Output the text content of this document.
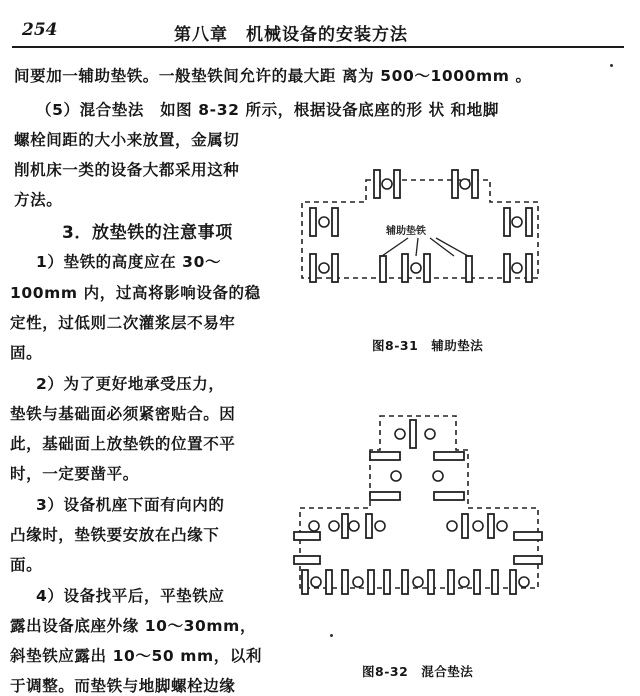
254	第八章　机械设备的安装方法
间要加一辅助垫铁。一般垫铁间允许的最大距 离为 500～1000mm 。
（5）混合垫法　如图 8-32 所示，根据设备底座的形 状 和地脚
螺栓间距的大小来放置，金属切
削机床一类的设备大都采用这种
方法。
3．放垫铁的注意事项
1）垫铁的高度应在 30～
100mm 内，过高将影响设备的稳
定性，过低则二次灌浆层不易牢
固。
2）为了更好地承受压力，
垫铁与基础面必须紧密贴合。因
此，基础面上放垫铁的位置不平
时，一定要凿平。
3）设备机座下面有向内的
凸缘时，垫铁要安放在凸缘下
面。
4）设备找平后，平垫铁应
露出设备底座外缘 10～30mm，
斜垫铁应露出 10～50 mm，以利
于调整。而垫铁与地脚螺栓边缘
辅助垫铁
图8-31　辅助垫法
图8-32　混合垫法
